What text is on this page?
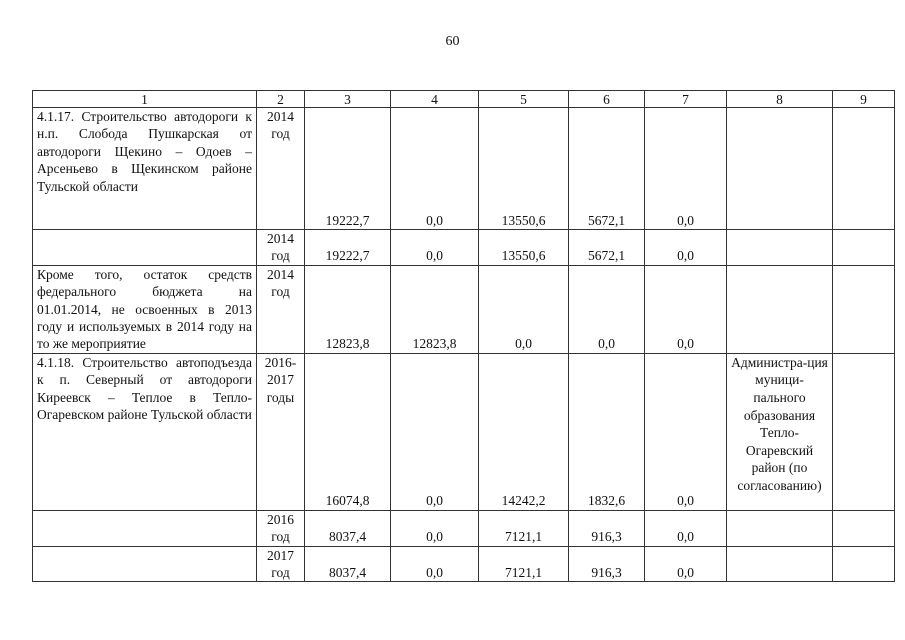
60
1	2	3	4	5	6	7	8	9
4.1.17. Строительство автодороги к н.п. Слобода Пушкарская от автодороги Щекино – Одоев – Арсеньево в Щекинском районе Тульской области	2014 год	19222,7	0,0	13550,6	5672,1	0,0		
	2014 год	19222,7	0,0	13550,6	5672,1	0,0		
Кроме того, остаток средств федерального бюджета на 01.01.2014, не освоенных в 2013 году и используемых в 2014 году на то же мероприятие	2014 год	12823,8	12823,8	0,0	0,0	0,0		
4.1.18. Строительство автоподъезда к п. Северный от автодороги Киреевск – Теплое в Тепло-Огаревском районе Тульской области	2016-2017 годы	16074,8	0,0	14242,2	1832,6	0,0	Администра-ция муници-пального образования Тепло-Огаревский район (по согласованию)	
	2016 год	8037,4	0,0	7121,1	916,3	0,0		
	2017 год	8037,4	0,0	7121,1	916,3	0,0		
